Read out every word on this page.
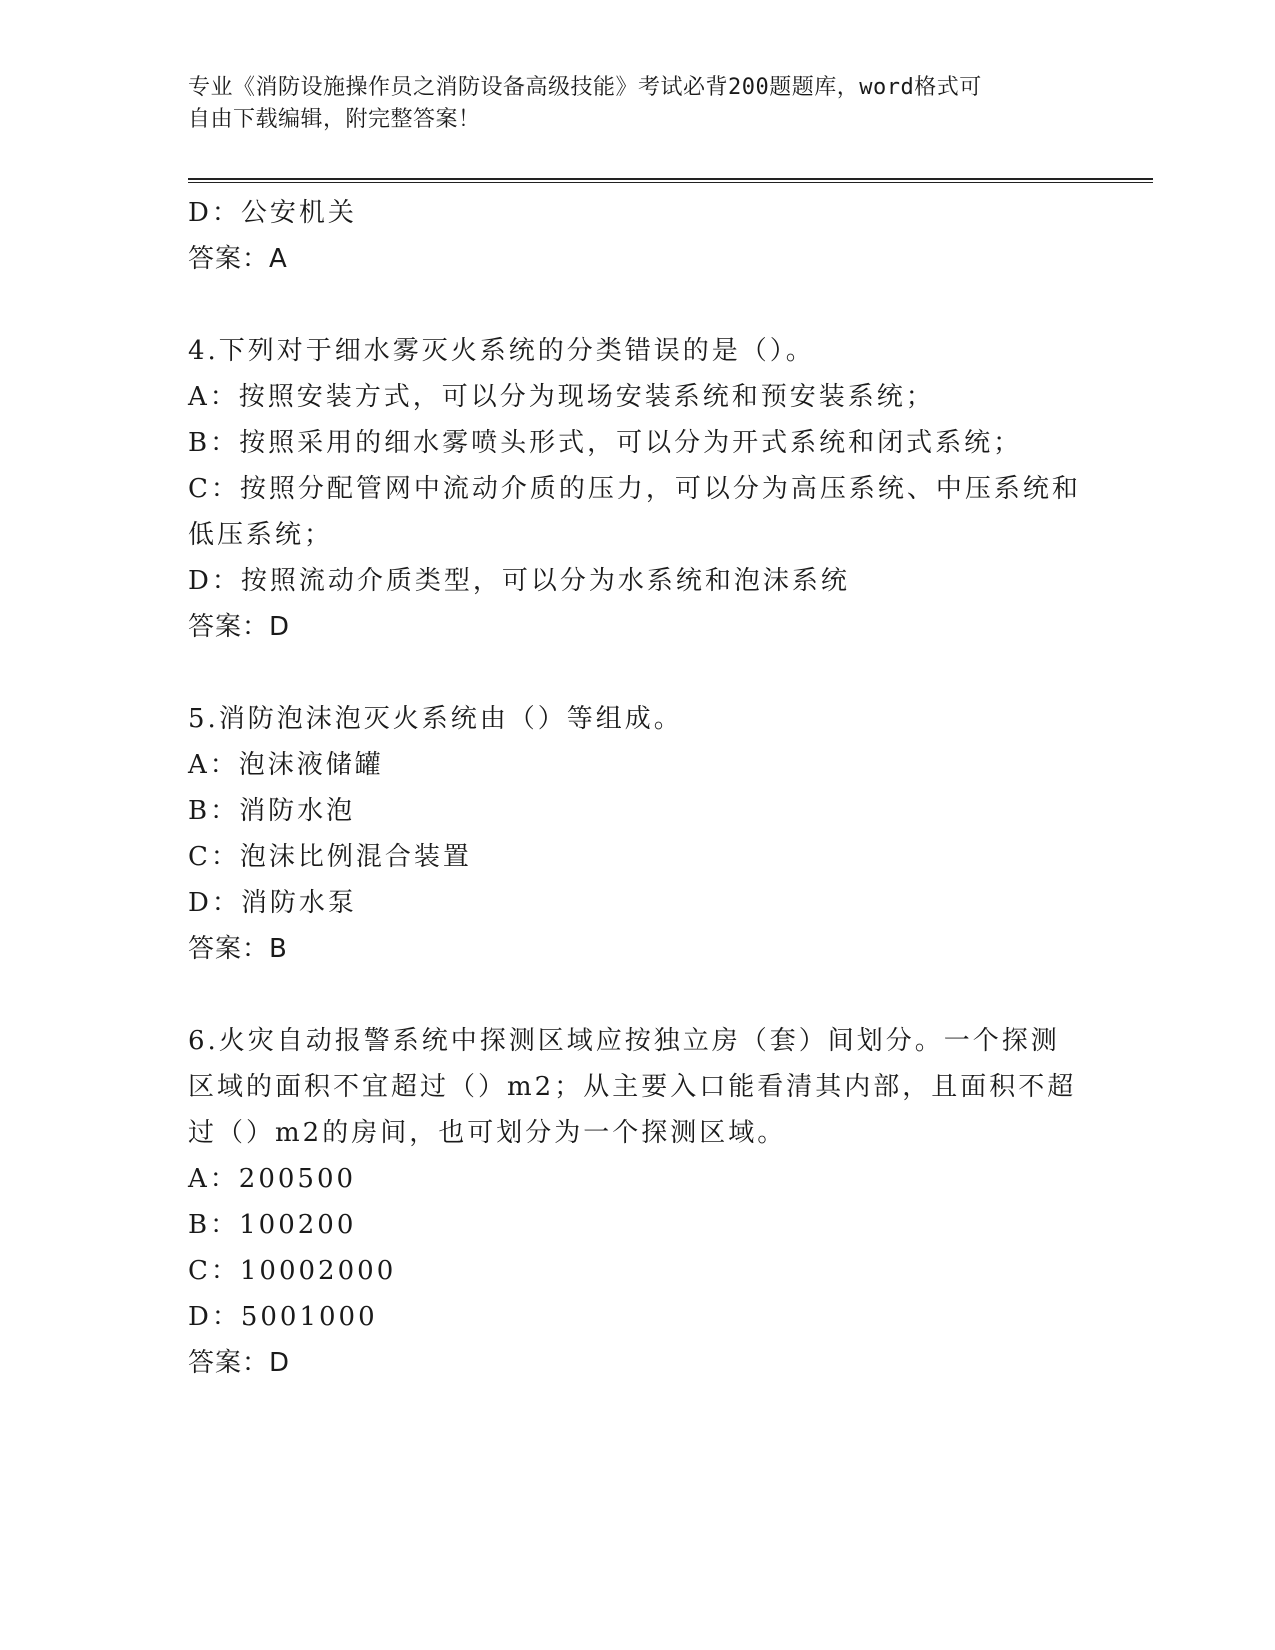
专业《消防设施操作员之消防设备高级技能》考试必背200题题库，word格式可
自由下载编辑，附完整答案！
D：公安机关
答案：A
4.下列对于细水雾灭火系统的分类错误的是（）。
A：按照安装方式，可以分为现场安装系统和预安装系统；
B：按照采用的细水雾喷头形式，可以分为开式系统和闭式系统；
C：按照分配管网中流动介质的压力，可以分为高压系统、中压系统和
低压系统；
D：按照流动介质类型，可以分为水系统和泡沫系统
答案：D
5.消防泡沫泡灭火系统由（）等组成。
A：泡沫液储罐
B：消防水泡
C：泡沫比例混合装置
D：消防水泵
答案：B
6.火灾自动报警系统中探测区域应按独立房（套）间划分。一个探测
区域的面积不宜超过（）m2；从主要入口能看清其内部，且面积不超
过（）m2的房间，也可划分为一个探测区域。
A：200500
B：100200
C：10002000
D：5001000
答案：D
